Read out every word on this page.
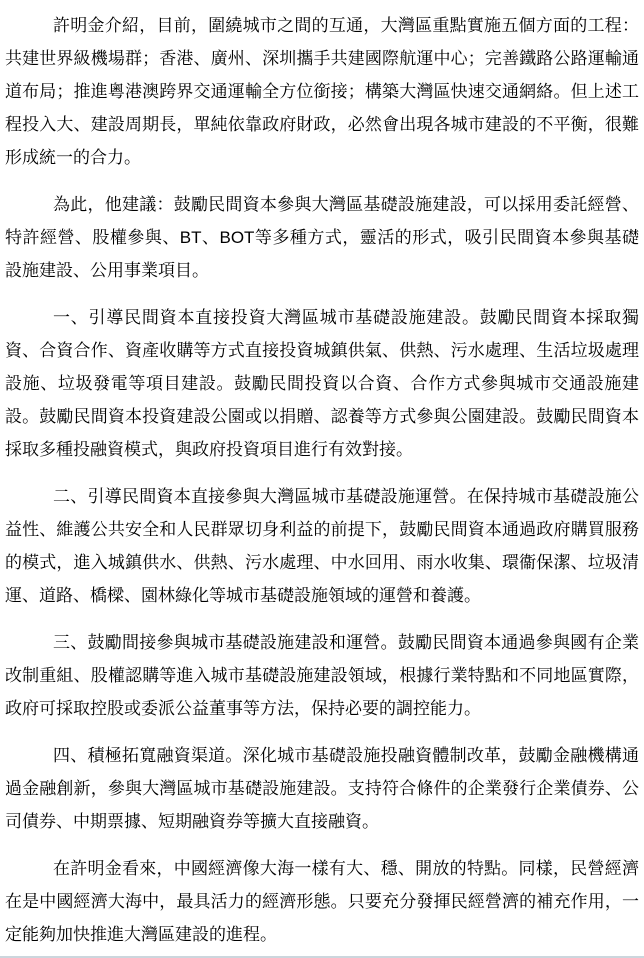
許明金介紹，目前，圍繞城市之間的互通，大灣區重點實施五個方面的工程：共建世界級機場群；香港、廣州、深圳攜手共建國際航運中心；完善鐵路公路運輸通道布局；推進粵港澳跨界交通運輸全方位銜接；構築大灣區快速交通網絡。但上述工程投入大、建設周期長，單純依靠政府財政，必然會出現各城市建設的不平衡，很難形成統一的合力。

為此，他建議：鼓勵民間資本參與大灣區基礎設施建設，可以採用委託經營、特許經營、股權參與、BT、BOT等多種方式，靈活的形式，吸引民間資本參與基礎設施建設、公用事業項目。

一、引導民間資本直接投資大灣區城市基礎設施建設。鼓勵民間資本採取獨資、合資合作、資產收購等方式直接投資城鎮供氣、供熱、污水處理、生活垃圾處理設施、垃圾發電等項目建設。鼓勵民間投資以合資、合作方式參與城市交通設施建設。鼓勵民間資本投資建設公園或以捐贈、認養等方式參與公園建設。鼓勵民間資本採取多種投融資模式，與政府投資項目進行有效對接。

二、引導民間資本直接參與大灣區城市基礎設施運營。在保持城市基礎設施公益性、維護公共安全和人民群眾切身利益的前提下，鼓勵民間資本通過政府購買服務的模式，進入城鎮供水、供熱、污水處理、中水回用、雨水收集、環衞保潔、垃圾清運、道路、橋樑、園林綠化等城市基礎設施領域的運營和養護。

三、鼓勵間接參與城市基礎設施建設和運營。鼓勵民間資本通過參與國有企業改制重組、股權認購等進入城市基礎設施建設領域，根據行業特點和不同地區實際，政府可採取控股或委派公益董事等方法，保持必要的調控能力。

四、積極拓寬融資渠道。深化城市基礎設施投融資體制改革，鼓勵金融機構通過金融創新，參與大灣區城市基礎設施建設。支持符合條件的企業發行企業債券、公司債券、中期票據、短期融資券等擴大直接融資。

在許明金看來，中國經濟像大海一樣有大、穩、開放的特點。同樣，民營經濟在是中國經濟大海中，最具活力的經濟形態。只要充分發揮民經營濟的補充作用，一定能夠加快推進大灣區建設的進程。
